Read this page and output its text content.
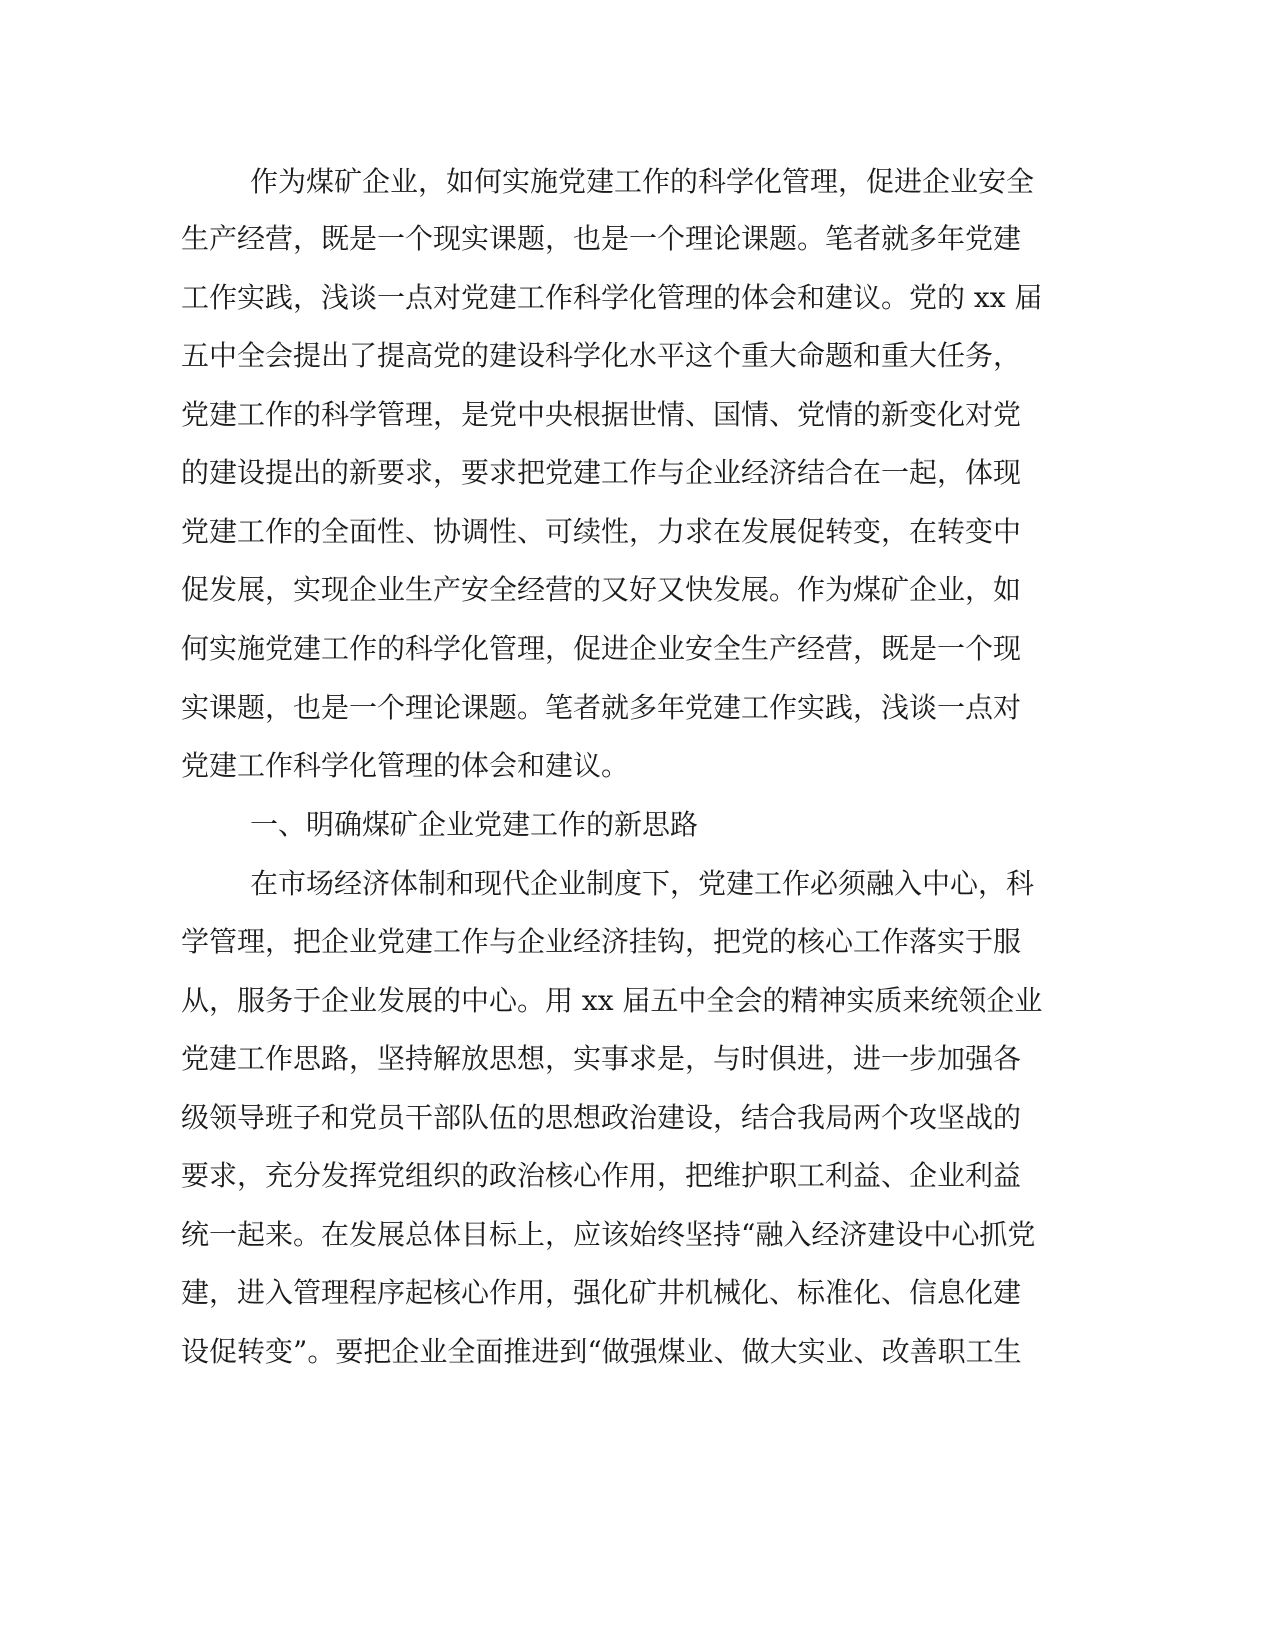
作为煤矿企业，如何实施党建工作的科学化管理，促进企业安全
生产经营，既是一个现实课题，也是一个理论课题。笔者就多年党建
工作实践，浅谈一点对党建工作科学化管理的体会和建议。党的 xx 届
五中全会提出了提高党的建设科学化水平这个重大命题和重大任务，
党建工作的科学管理，是党中央根据世情、国情、党情的新变化对党
的建设提出的新要求，要求把党建工作与企业经济结合在一起，体现
党建工作的全面性、协调性、可续性，力求在发展促转变，在转变中
促发展，实现企业生产安全经营的又好又快发展。作为煤矿企业，如
何实施党建工作的科学化管理，促进企业安全生产经营，既是一个现
实课题，也是一个理论课题。笔者就多年党建工作实践，浅谈一点对
党建工作科学化管理的体会和建议。
一、明确煤矿企业党建工作的新思路
在市场经济体制和现代企业制度下，党建工作必须融入中心，科
学管理，把企业党建工作与企业经济挂钩，把党的核心工作落实于服
从，服务于企业发展的中心。用 xx 届五中全会的精神实质来统领企业
党建工作思路，坚持解放思想，实事求是，与时俱进，进一步加强各
级领导班子和党员干部队伍的思想政治建设，结合我局两个攻坚战的
要求，充分发挥党组织的政治核心作用，把维护职工利益、企业利益
统一起来。在发展总体目标上，应该始终坚持“融入经济建设中心抓党
建，进入管理程序起核心作用，强化矿井机械化、标准化、信息化建
设促转变”。要把企业全面推进到“做强煤业、做大实业、改善职工生
